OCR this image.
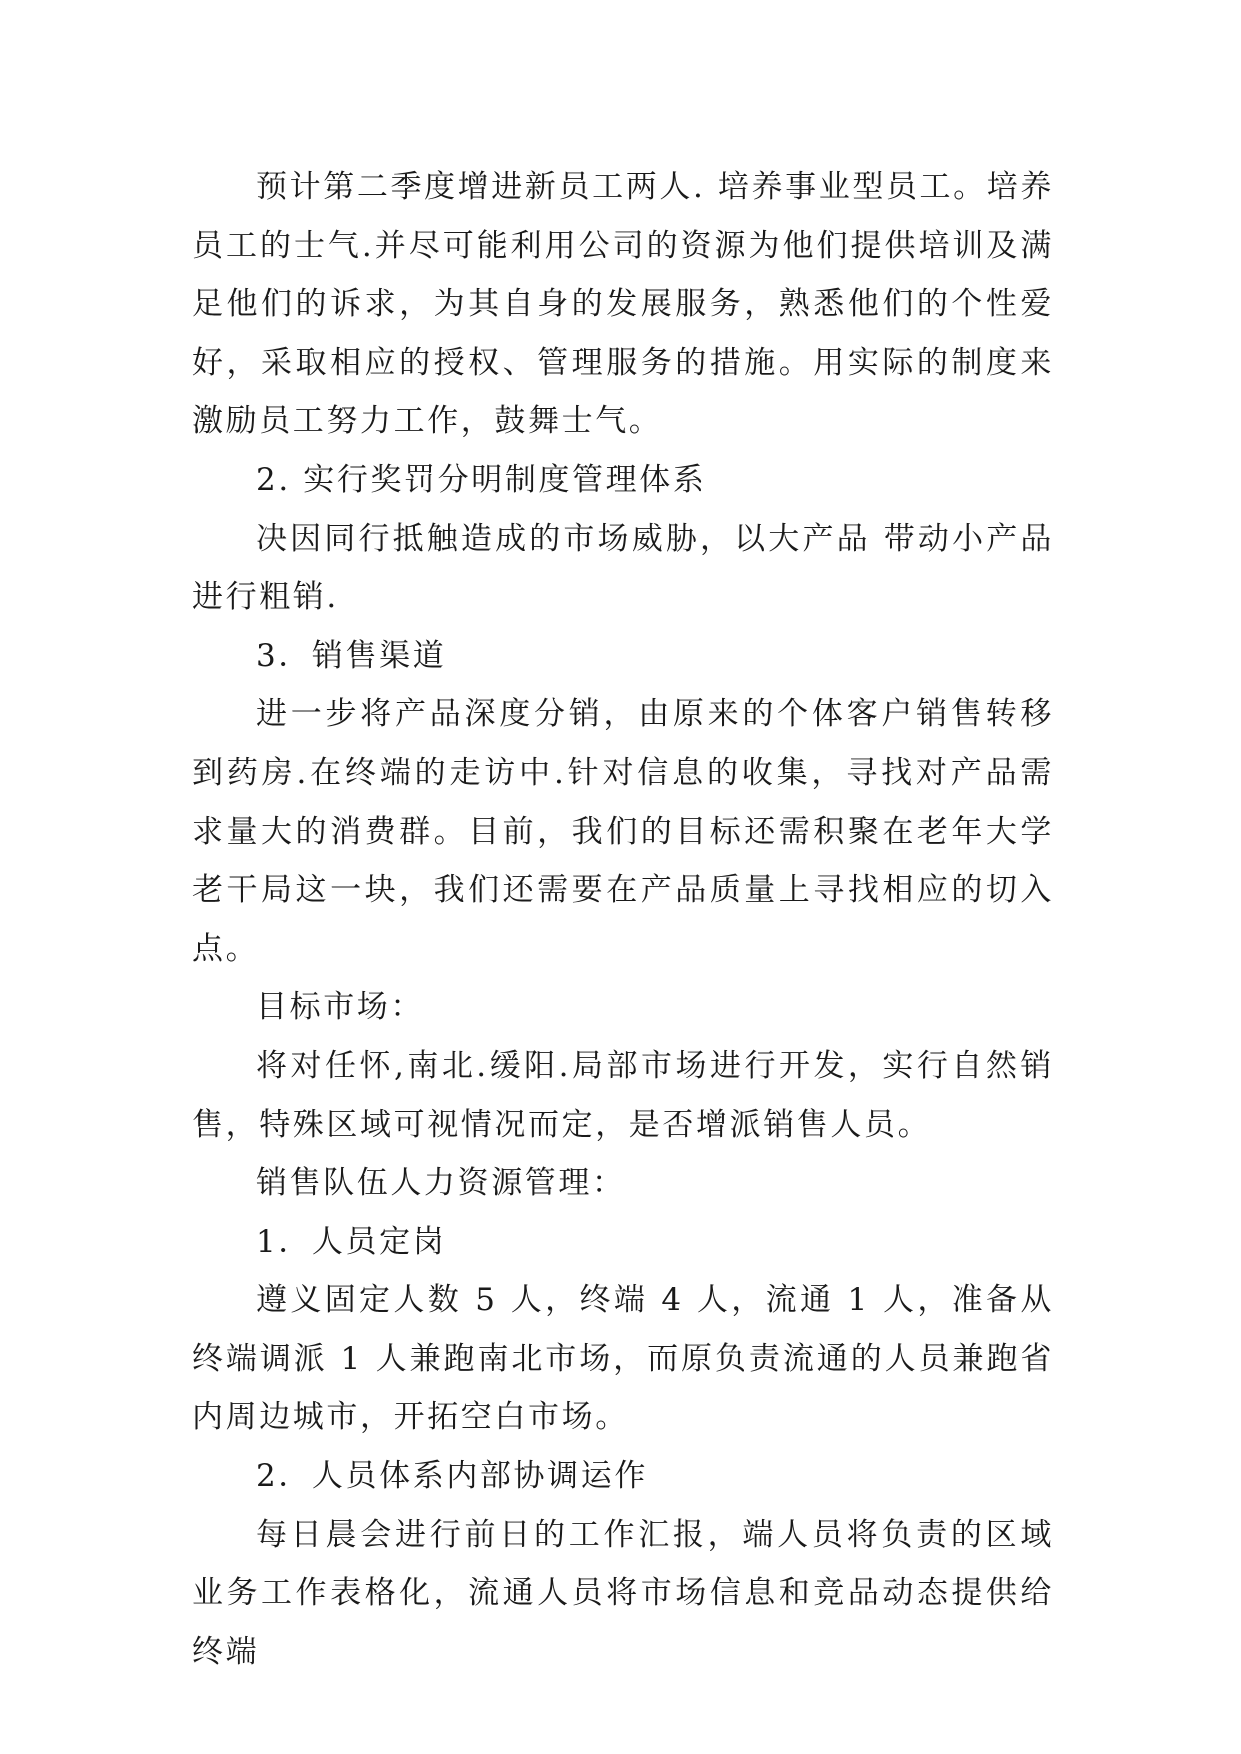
预计第二季度增进新员工两人. 培养事业型员工。培养员工的士气.并尽可能利用公司的资源为他们提供培训及满足他们的诉求，为其自身的发展服务，熟悉他们的个性爱好，采取相应的授权、管理服务的措施。用实际的制度来激励员工努力工作，鼓舞士气。

2. 实行奖罚分明制度管理体系

决因同行抵触造成的市场威胁，以大产品 带动小产品进行粗销.

3．销售渠道

进一步将产品深度分销，由原来的个体客户销售转移到药房.在终端的走访中.针对信息的收集，寻找对产品需求量大的消费群。目前，我们的目标还需积聚在老年大学老干局这一块，我们还需要在产品质量上寻找相应的切入点。

目标市场：

将对任怀,南北.缓阳.局部市场进行开发，实行自然销售，特殊区域可视情况而定，是否增派销售人员。

销售队伍人力资源管理：

1．人员定岗

遵义固定人数 5 人，终端 4 人，流通 1 人，准备从终端调派 1 人兼跑南北市场，而原负责流通的人员兼跑省内周边城市，开拓空白市场。

2．人员体系内部协调运作

每日晨会进行前日的工作汇报，端人员将负责的区域业务工作表格化，流通人员将市场信息和竞品动态提供给终端
